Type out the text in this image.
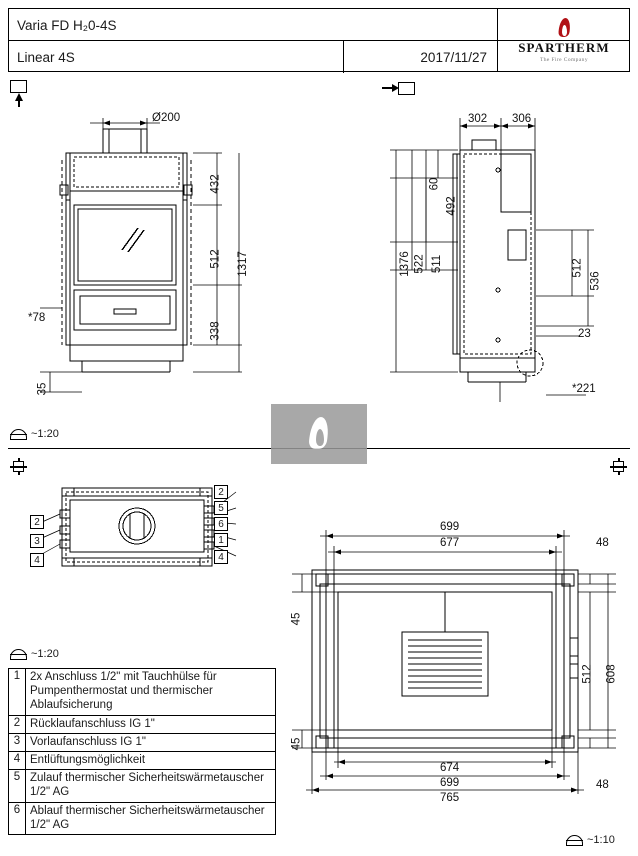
Varia FD H₂0-4S
Linear 4S	2017/11/27
SPARTHERM
The Fire Company
Ø200
432
512
338
1317
35
*78
302 306
60
492
522 511
1376	512
536
23
*221
~1:20
2
3
4
2
5
6
1
4
~1:20
1 2x Anschluss 1/2" mit Tauchhülse für Pumpenthermostat und thermischer Ablaufsicherung
2 Rücklaufanschluss IG 1"
3 Vorlaufanschluss IG 1"
4 Entlüftungsmöglichkeit
5 Zulauf thermischer Sicherheitswärmetauscher 1/2" AG
6 Ablauf thermischer Sicherheitswärmetauscher 1/2" AG
699
677	48
45
45
512 608
48
674
699
765
~1:10
